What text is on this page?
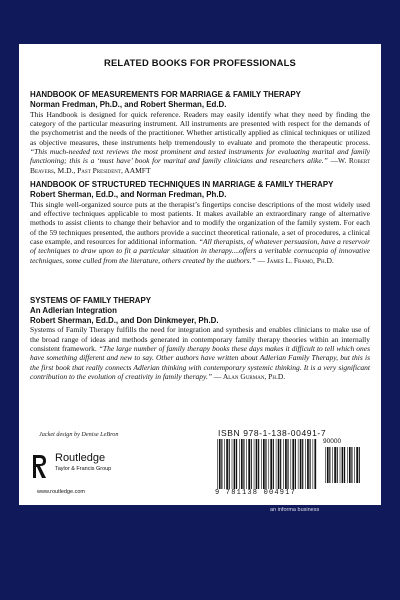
RELATED BOOKS FOR PROFESSIONALS
HANDBOOK OF MEASUREMENTS FOR MARRIAGE & FAMILY THERAPY
Norman Fredman, Ph.D., and Robert Sherman, Ed.D.
This Handbook is designed for quick reference. Readers may easily identify what they need by finding the category of the particular measuring instrument. All instruments are presented with respect for the demands of the psychometrist and the needs of the practitioner. Whether artistically applied as clinical techniques or utilized as objective measures, these instruments help tremendously to evaluate and promote the therapeutic process. “This much-needed text reviews the most prominent and tested instruments for evaluating marital and family functioning; this is a ‘must have’ book for marital and family clinicians and researchers alike.” —W. Robert Beavers, M.D., Past President, AAMFT
HANDBOOK OF STRUCTURED TECHNIQUES IN MARRIAGE & FAMILY THERAPY
Robert Sherman, Ed.D., and Norman Fredman, Ph.D.
This single well-organized source puts at the therapist’s fingertips concise descriptions of the most widely used and effective techniques applicable to most patients. It makes available an extraordinary range of alternative methods to assist clients to change their behavior and to modify the organization of the family system. For each of the 59 techniques presented, the authors provide a succinct theoretical rationale, a set of procedures, a clinical case example, and resources for additional information. “All therapists, of whatever persuasion, have a reservoir of techniques to draw upon to fit a particular situation in therapy....offers a veritable cornucopia of innovative techniques, some culled from the literature, others created by the authors.” — James L. Framo, Ph.D.
SYSTEMS OF FAMILY THERAPY
An Adlerian Integration
Robert Sherman, Ed.D., and Don Dinkmeyer, Ph.D.
Systems of Family Therapy fulfills the need for integration and synthesis and enables clinicians to make use of the broad range of ideas and methods generated in contemporary family therapy theories within an internally consistent framework. “The large number of family therapy books these days makes it difficult to tell which ones have something different and new to say. Other authors have written about Adlerian Family Therapy, but this is the first book that really connects Adlerian thinking with contemporary systemic thinking. It is a very significant contribution to the evolution of creativity in family therapy.” — Alan Gurman, Ph.D.
Jacket design by Denise LeBron
Routledge
Taylor & Francis Group
www.routledge.com
ISBN 978-1-138-00491-7
90000
9 781138 004917
an informa business
